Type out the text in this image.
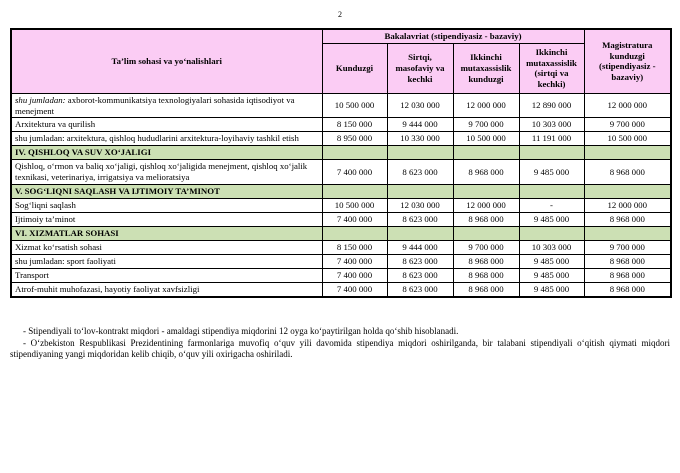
2
Ta’lim sohasi va yo‘nalishlari	Bakalavriat (stipendiyasiz - bazaviy)				Magistratura kunduzgi (stipendiyasiz - bazaviy)
	Kunduzgi	Sirtqi, masofaviy va kechki	Ikkinchi mutaxassislik kunduzgi	Ikkinchi mutaxassislik (sirtqi va kechki)	
shu jumladan: axborot-kommunikatsiya texnologiyalari sohasida iqtisodiyot va menejment	10 500 000	12 030 000	12 000 000	12 890 000	12 000 000
Arxitektura va qurilish	8 150 000	9 444 000	9 700 000	10 303 000	9 700 000
shu jumladan: arxitektura, qishloq hududlarini arxitektura-loyihaviy tashkil etish	8 950 000	10 330 000	10 500 000	11 191 000	10 500 000
IV. QISHLOQ VA SUV XO‘JALIGI					
Qishloq, o‘rmon va baliq xo‘jaligi, qishloq xo‘jaligida menejment, qishloq xo‘jalik texnikasi, veterinariya, irrigatsiya va melioratsiya	7 400 000	8 623 000	8 968 000	9 485 000	8 968 000
V. SOG‘LIQNI SAQLASH VA IJTIMOIY TA’MINOT					
Sog‘liqni saqlash	10 500 000	12 030 000	12 000 000	-	12 000 000
Ijtimoiy ta’minot	7 400 000	8 623 000	8 968 000	9 485 000	8 968 000
VI. XIZMATLAR SOHASI					
Xizmat ko‘rsatish sohasi	8 150 000	9 444 000	9 700 000	10 303 000	9 700 000
shu jumladan: sport faoliyati	7 400 000	8 623 000	8 968 000	9 485 000	8 968 000
Transport	7 400 000	8 623 000	8 968 000	9 485 000	8 968 000
Atrof-muhit muhofazasi, hayotiy faoliyat xavfsizligi	7 400 000	8 623 000	8 968 000	9 485 000	8 968 000

- Stipendiyali to‘lov-kontrakt miqdori - amaldagi stipendiya miqdorini 12 oyga ko‘paytirilgan holda qo‘shib hisoblanadi.

- O‘zbekiston Respublikasi Prezidentining farmonlariga muvofiq o‘quv yili davomida stipendiya miqdori oshirilganda, bir talabani stipendiyali o‘qitish qiymati miqdori stipendiyaning yangi miqdoridan kelib chiqib, o‘quv yili oxirigacha oshiriladi.
